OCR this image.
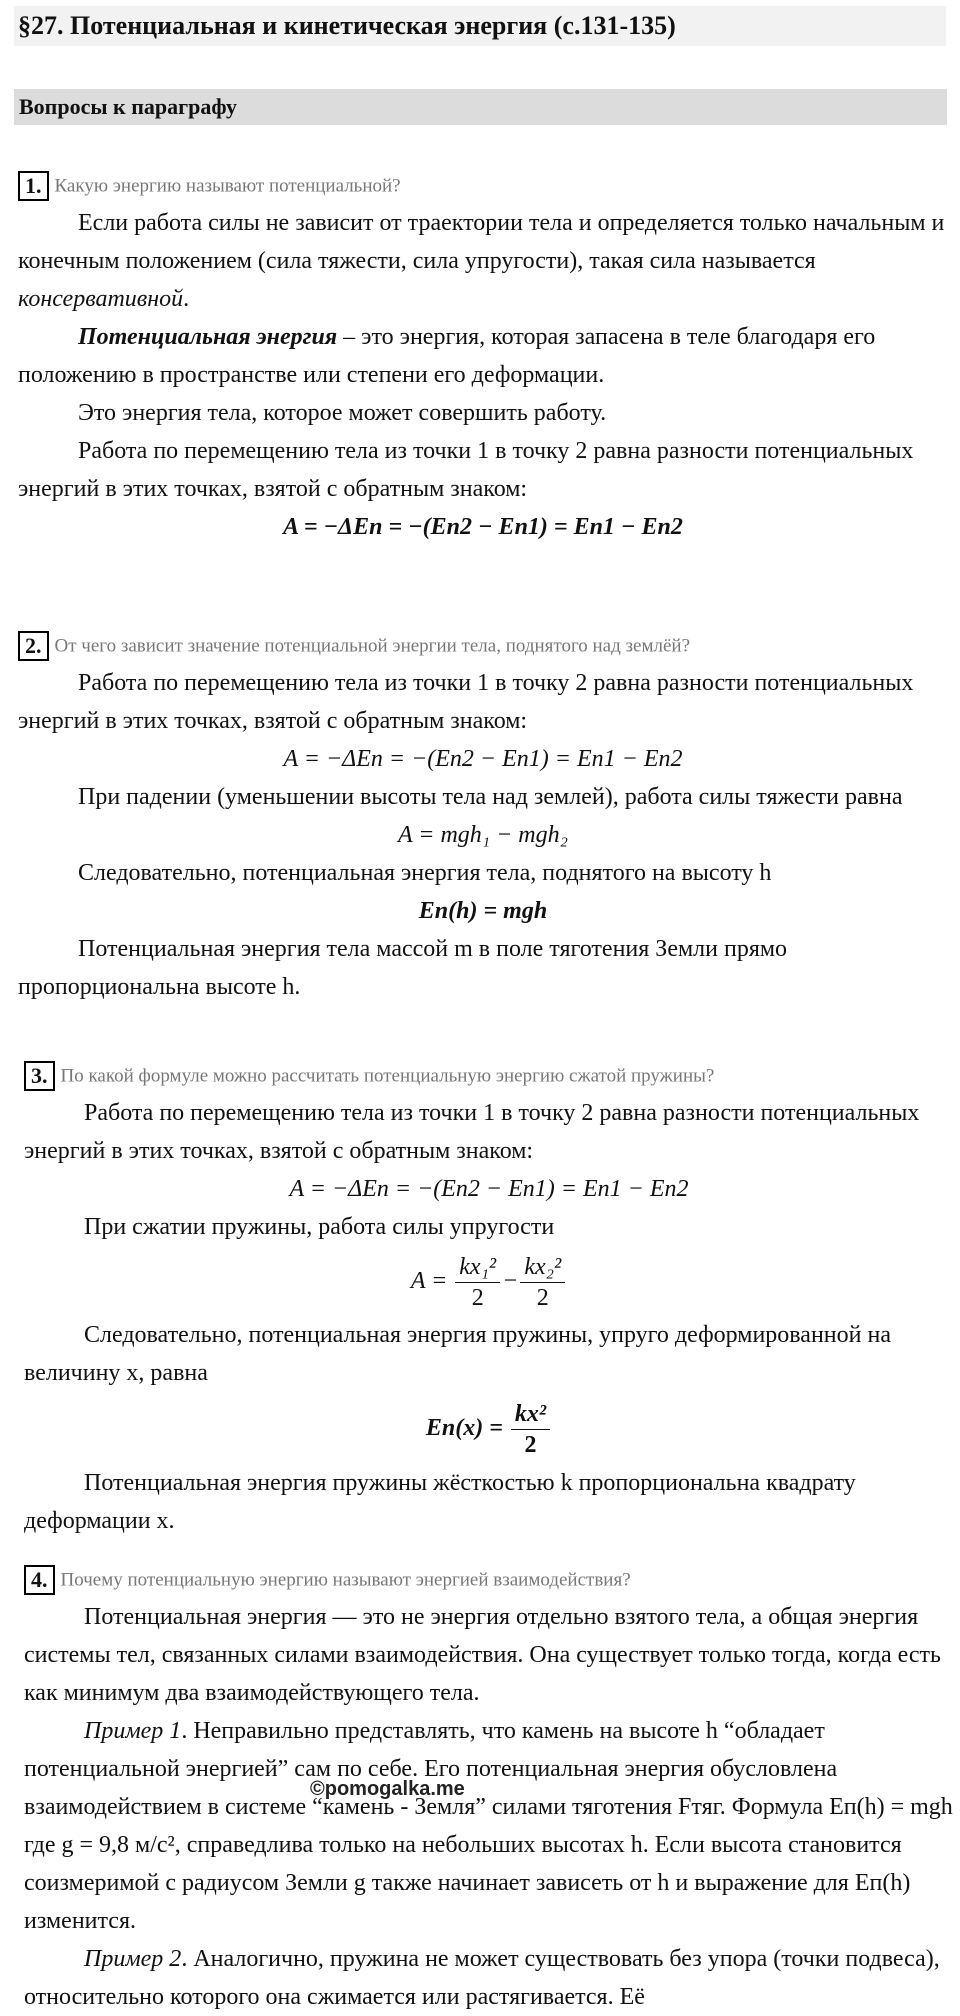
§27. Потенциальная и кинетическая энергия (с.131-135)
Вопросы к параграфу
1. Какую энергию называют потенциальной?

Если работа силы не зависит от траектории тела и определяется только начальным и конечным положением (сила тяжести, сила упругости), такая сила называется консервативной.

Потенциальная энергия – это энергия, которая запасена в теле благодаря его положению в пространстве или степени его деформации.

Это энергия тела, которое может совершить работу.

Работа по перемещению тела из точки 1 в точку 2 равна разности потенциальных энергий в этих точках, взятой с обратным знаком:

A = −ΔEп = −(Eп2 − Eп1) = Eп1 − Eп2

2. От чего зависит значение потенциальной энергии тела, поднятого над землёй?

Работа по перемещению тела из точки 1 в точку 2 равна разности потенциальных энергий в этих точках, взятой с обратным знаком:

A = −ΔEп = −(Eп2 − Eп1) = Eп1 − Eп2

При падении (уменьшении высоты тела над землей), работа силы тяжести равна

A = mgh₁ − mgh₂

Следовательно, потенциальная энергия тела, поднятого на высоту h

Eп(h) = mgh

Потенциальная энергия тела массой m в поле тяготения Земли прямо пропорциональна высоте h.

3. По какой формуле можно рассчитать потенциальную энергию сжатой пружины?

Работа по перемещению тела из точки 1 в точку 2 равна разности потенциальных энергий в этих точках, взятой с обратным знаком:

A = −ΔEп = −(Eп2 − Eп1) = Eп1 − Eп2

При сжатии пружины, работа силы упругости

$A = \frac{\text{kx₁²}}{2} - \frac{\text{kx₂²}}{2}$

Следовательно, потенциальная энергия пружины, упруго деформированной на величину x, равна

$Eп(x) = \frac{\text{kx²}}{2}$

Потенциальная энергия пружины жёсткостью k пропорциональна квадрату деформации x.

4. Почему потенциальную энергию называют энергией взаимодействия?

Потенциальная энергия — это не энергия отдельно взятого тела, а общая энергия системы тел, связанных силами взаимодействия. Она существует только тогда, когда есть как минимум два взаимодействующего тела.

Пример 1. Неправильно представлять, что камень на высоте h “обладает потенциальной энергией” сам по себе. Его потенциальная энергия обусловлена взаимодействием в системе “камень - Земля” силами тяготения Fтяг. Формула Eп(h) = mgh где g = 9,8 м/с², справедлива только на небольших высотах h. Если высота становится соизмеримой с радиусом Земли g также начинает зависеть от h и выражение для Eп(h) изменится.

Пример 2. Аналогично, пружина не может существовать без упора (точки подвеса), относительно которого она сжимается или растягивается. Её

©pomogalka.me
